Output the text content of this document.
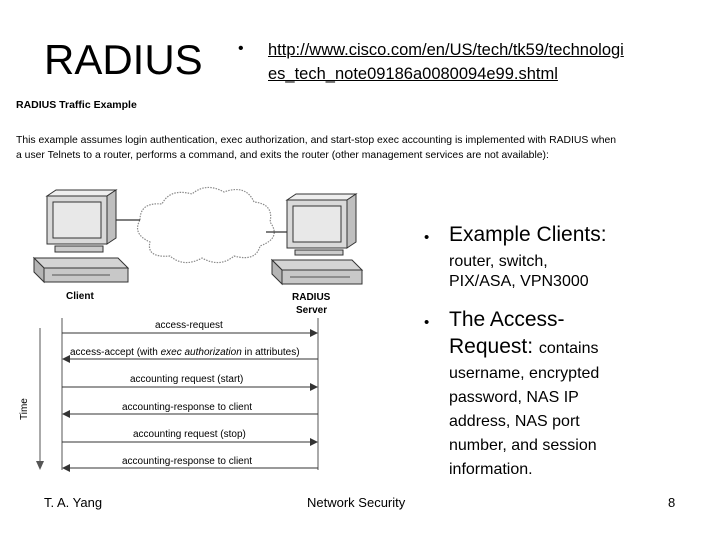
RADIUS • http://www.cisco.com/en/US/tech/tk59/technologi
es_tech_note09186a0080094e99.shtml
RADIUS Traffic Example
This example assumes login authentication, exec authorization, and start-stop exec accounting is implemented with RADIUS when
a user Telnets to a router, performs a command, and exits the router (other management services are not available):
Client	RADIUS
Server
Time
access-request
access-accept (with exec authorization in attributes)
accounting request (start)
accounting-response to client
accounting request (stop)
accounting-response to client
• Example Clients:
router, switch,
PIX/ASA, VPN3000
• The Access-
Request: contains
username, encrypted
password, NAS IP
address, NAS port
number, and session
information.
T. A. Yang	Network Security	8
